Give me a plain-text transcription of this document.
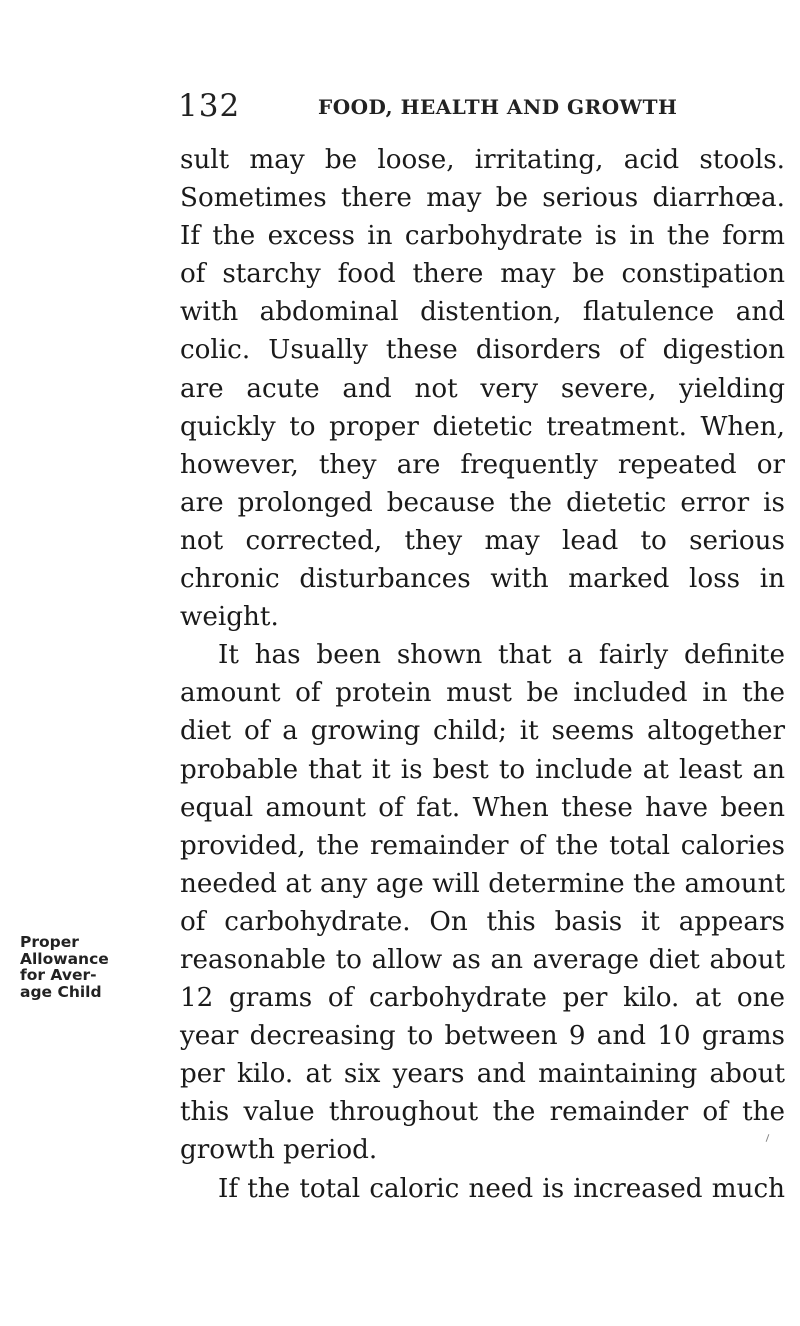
132	FOOD, HEALTH AND GROWTH
Proper
Allowance
for Aver-
age Child
sult may be loose, irritating, acid stools.
Sometimes there may be serious diarrhœa.
If the excess in carbohydrate is in the form
of starchy food there may be constipation
with abdominal distention, flatulence and
colic. Usually these disorders of digestion
are acute and not very severe, yielding
quickly to proper dietetic treatment. When,
however, they are frequently repeated or
are prolonged because the dietetic error is
not corrected, they may lead to serious
chronic disturbances with marked loss in
weight.
It has been shown that a fairly definite
amount of protein must be included in the
diet of a growing child; it seems altogether
probable that it is best to include at least an
equal amount of fat. When these have been
provided, the remainder of the total calories
needed at any age will determine the amount
of carbohydrate. On this basis it appears
reasonable to allow as an average diet about
12 grams of carbohydrate per kilo. at one
year decreasing to between 9 and 10 grams
per kilo. at six years and maintaining about
this value throughout the remainder of the
growth period.
If the total caloric need is increased much
